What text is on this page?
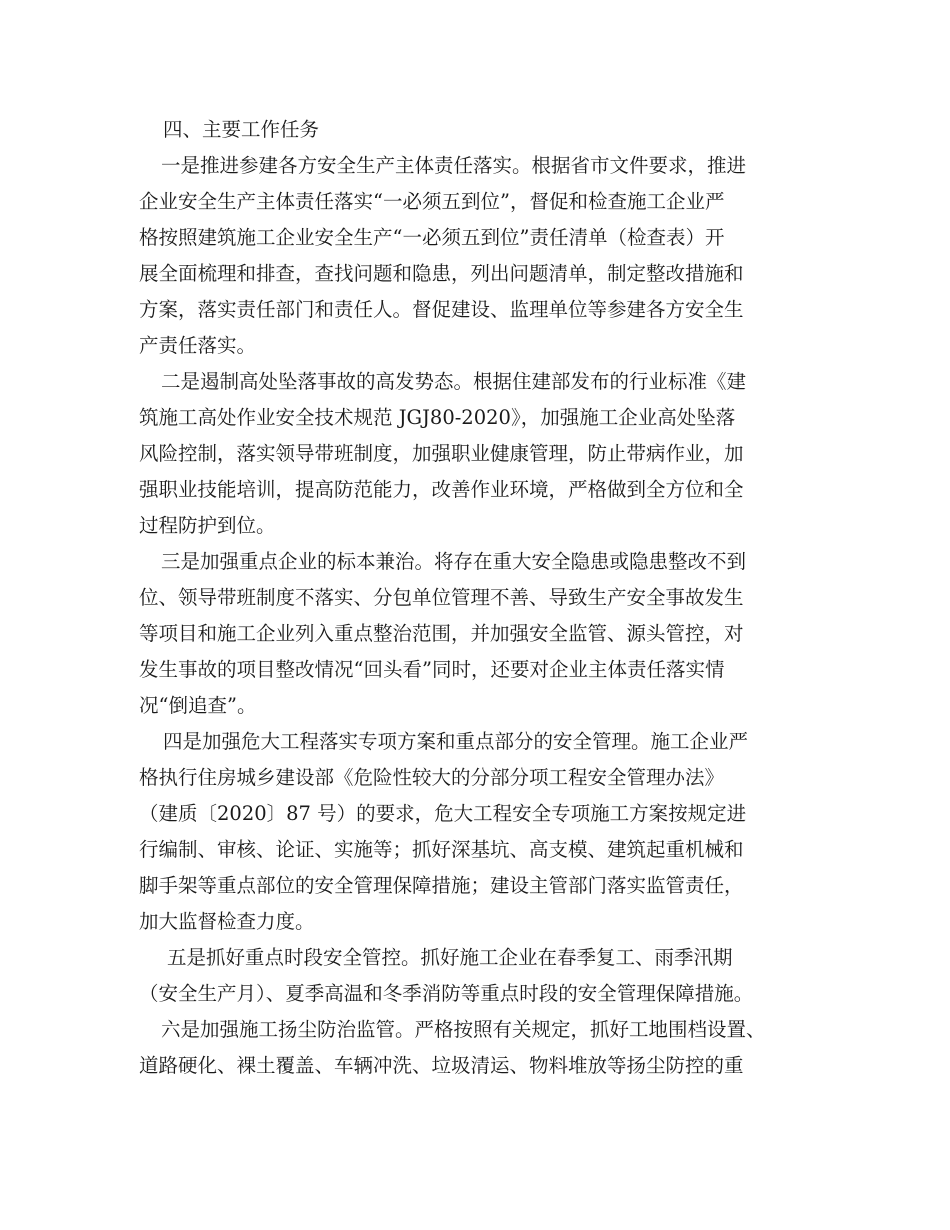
四、主要工作任务
一是推进参建各方安全生产主体责任落实。根据省市文件要求，推进
企业安全生产主体责任落实“一必须五到位”，督促和检查施工企业严
格按照建筑施工企业安全生产“一必须五到位”责任清单（检查表）开
展全面梳理和排查，查找问题和隐患，列出问题清单，制定整改措施和
方案，落实责任部门和责任人。督促建设、监理单位等参建各方安全生
产责任落实。
二是遏制高处坠落事故的高发势态。根据住建部发布的行业标准《建
筑施工高处作业安全技术规范 JGJ80-2020》，加强施工企业高处坠落
风险控制，落实领导带班制度，加强职业健康管理，防止带病作业，加
强职业技能培训，提高防范能力，改善作业环境，严格做到全方位和全
过程防护到位。
三是加强重点企业的标本兼治。将存在重大安全隐患或隐患整改不到
位、领导带班制度不落实、分包单位管理不善、导致生产安全事故发生
等项目和施工企业列入重点整治范围，并加强安全监管、源头管控，对
发生事故的项目整改情况“回头看”同时，还要对企业主体责任落实情
况“倒追查”。
四是加强危大工程落实专项方案和重点部分的安全管理。施工企业严
格执行住房城乡建设部《危险性较大的分部分项工程安全管理办法》
（建质〔2020〕87 号）的要求，危大工程安全专项施工方案按规定进
行编制、审核、论证、实施等；抓好深基坑、高支模、建筑起重机械和
脚手架等重点部位的安全管理保障措施；建设主管部门落实监管责任，
加大监督检查力度。
五是抓好重点时段安全管控。抓好施工企业在春季复工、雨季汛期
（安全生产月）、夏季高温和冬季消防等重点时段的安全管理保障措施。
六是加强施工扬尘防治监管。严格按照有关规定，抓好工地围档设置、
道路硬化、裸土覆盖、车辆冲洗、垃圾清运、物料堆放等扬尘防控的重
